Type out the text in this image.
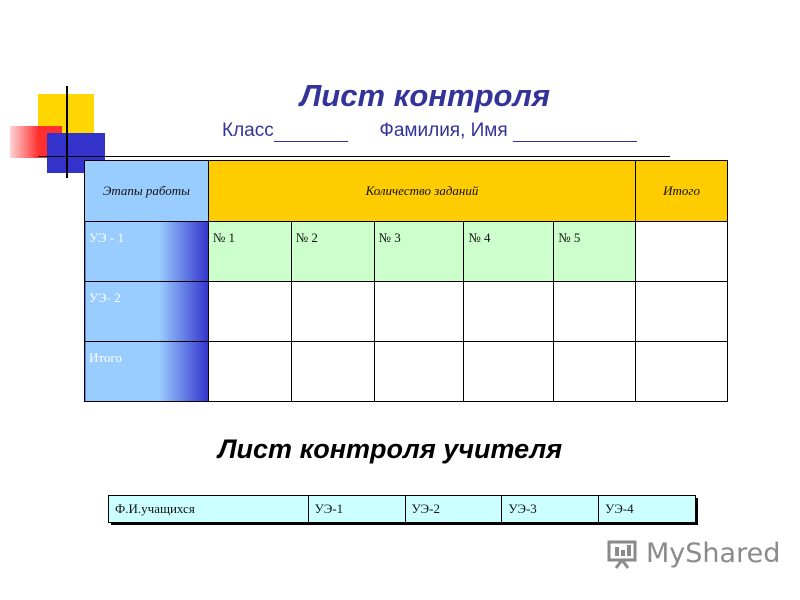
Лист контроля
Класс	Фамилия, Имя
Этапы работы	Количество заданий					Итого
УЭ - 1	№ 1	№ 2	№ 3	№ 4	№ 5	
УЭ- 2						
Итого						
Лист контроля учителя
Ф.И.учащихся	УЭ-1	УЭ-2	УЭ-3	УЭ-4
MyShared
